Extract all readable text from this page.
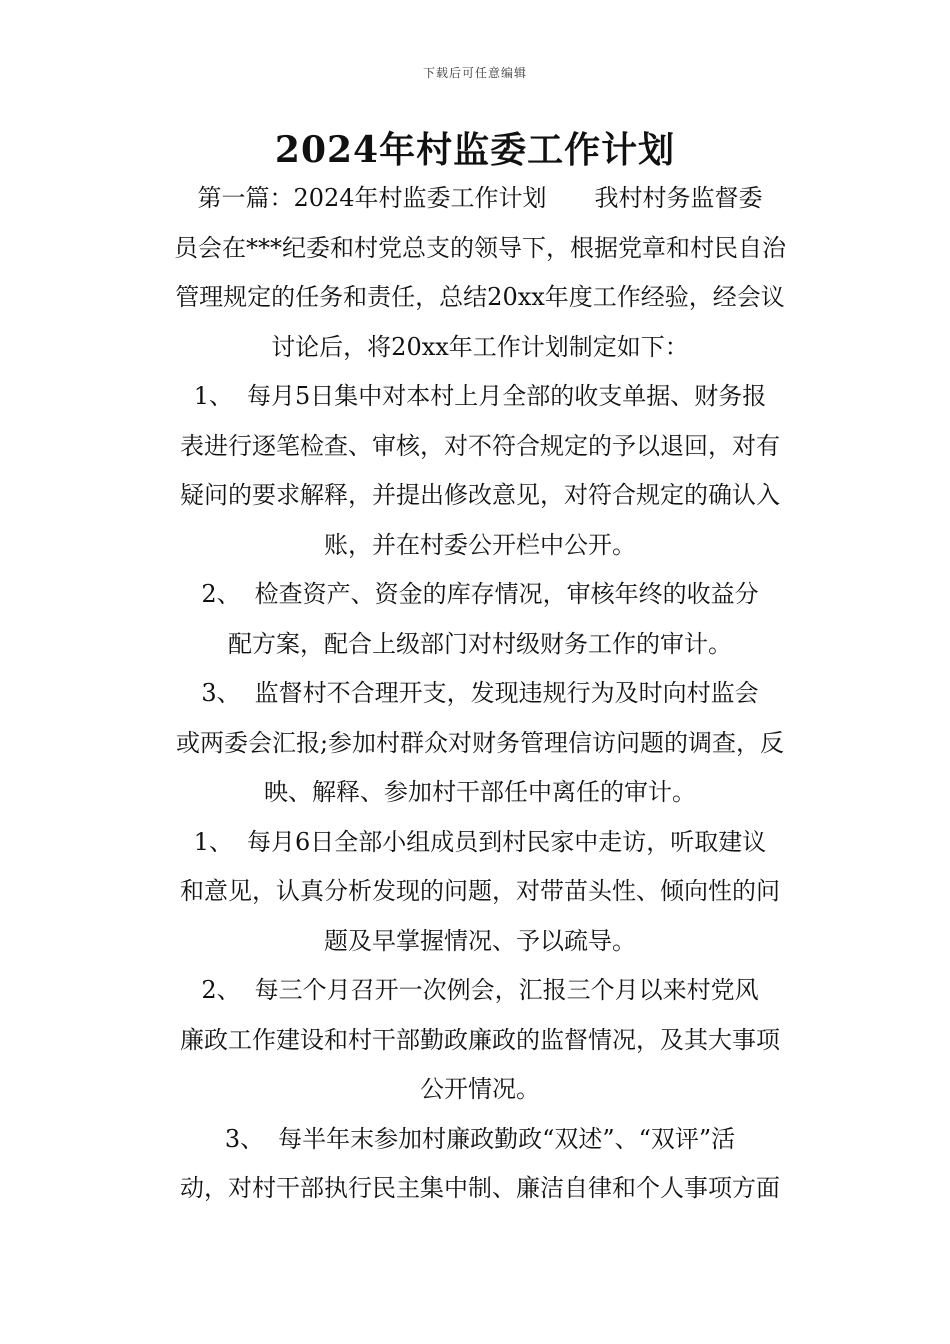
下载后可任意编辑
2024年村监委工作计划
第一篇：2024年村监委工作计划　　我村村务监督委
员会在***纪委和村党总支的领导下，根据党章和村民自治
管理规定的任务和责任，总结20xx年度工作经验，经会议
讨论后，将20xx年工作计划制定如下：
1、 每月5日集中对本村上月全部的收支单据、财务报
表进行逐笔检查、审核，对不符合规定的予以退回，对有
疑问的要求解释，并提出修改意见，对符合规定的确认入
账，并在村委公开栏中公开。
2、 检查资产、资金的库存情况，审核年终的收益分
配方案，配合上级部门对村级财务工作的审计。
3、 监督村不合理开支，发现违规行为及时向村监会
或两委会汇报;参加村群众对财务管理信访问题的调查，反
映、解释、参加村干部任中离任的审计。
1、 每月6日全部小组成员到村民家中走访，听取建议
和意见，认真分析发现的问题，对带苗头性、倾向性的问
题及早掌握情况、予以疏导。
2、 每三个月召开一次例会，汇报三个月以来村党风
廉政工作建设和村干部勤政廉政的监督情况，及其大事项
公开情况。
3、 每半年末参加村廉政勤政“双述”、“双评”活
动，对村干部执行民主集中制、廉洁自律和个人事项方面
